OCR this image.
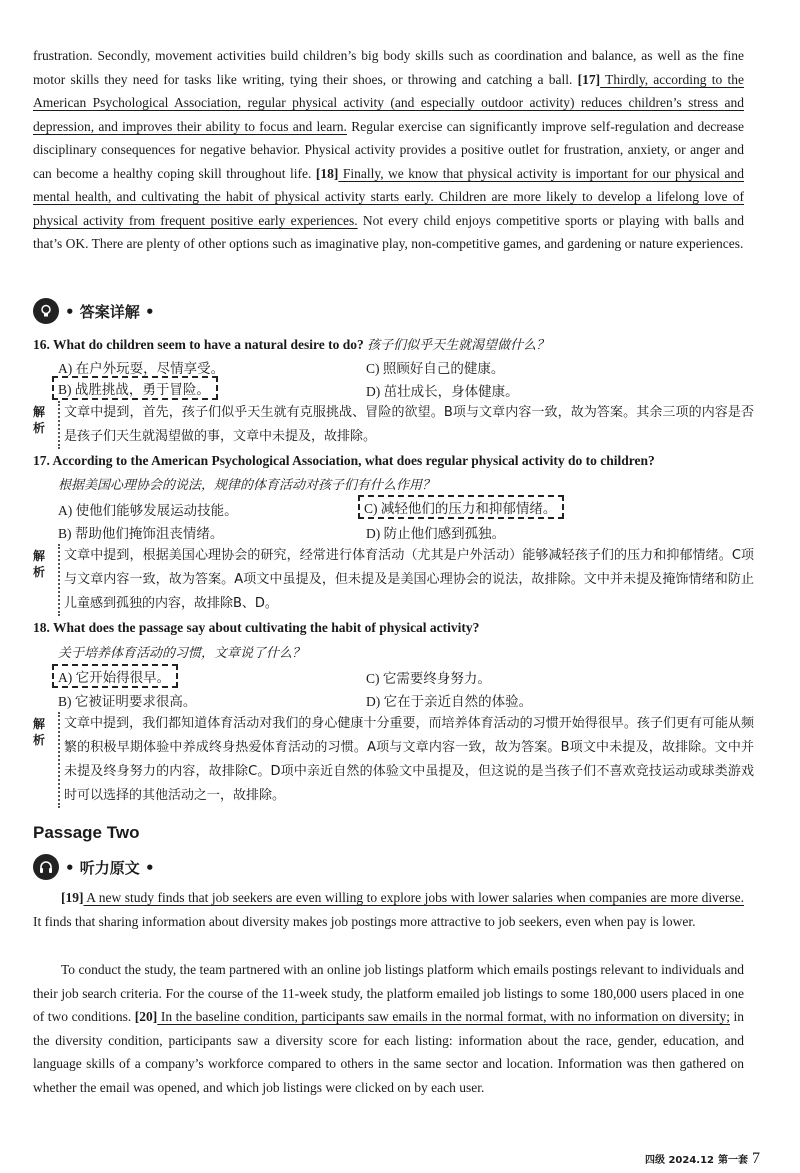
frustration. Secondly, movement activities build children’s big body skills such as coordination and balance, as well as the fine motor skills they need for tasks like writing, tying their shoes, or throwing and catching a ball. [17] Thirdly, according to the American Psychological Association, regular physical activity (and especially outdoor activity) reduces children’s stress and depression, and improves their ability to focus and learn. Regular exercise can significantly improve self-regulation and decrease disciplinary consequences for negative behavior. Physical activity provides a positive outlet for frustration, anxiety, or anger and can become a healthy coping skill throughout life. [18] Finally, we know that physical activity is important for our physical and mental health, and cultivating the habit of physical activity starts early. Children are more likely to develop a lifelong love of physical activity from frequent positive early experiences. Not every child enjoys competitive sports or playing with balls and that’s OK. There are plenty of other options such as imaginative play, non-competitive games, and gardening or nature experiences.
• 答案详解 •
16. What do children seem to have a natural desire to do? 孩子们似乎天生就渴望做什么？
A) 在户外玩耍，尽情享受。	C) 照顾好自己的健康。
B) 战胜挑战，勇于冒险。	D) 茁壮成长，身体健康。
解析
文章中提到，首先，孩子们似乎天生就有克服挑战、冒险的欲望。B项与文章内容一致，故为答案。其余三项的内容是否是孩子们天生就渴望做的事，文章中未提及，故排除。
17. According to the American Psychological Association, what does regular physical activity do to children?
根据美国心理协会的说法，规律的体育活动对孩子们有什么作用？
A) 使他们能够发展运动技能。	C) 减轻他们的压力和抑郁情绪。
B) 帮助他们掩饰沮丧情绪。	D) 防止他们感到孤独。
解析
文章中提到，根据美国心理协会的研究，经常进行体育活动（尤其是户外活动）能够减轻孩子们的压力和抑郁情绪。C项与文章内容一致，故为答案。A项文中虽提及，但未提及是美国心理协会的说法，故排除。文中并未提及掩饰情绪和防止儿童感到孤独的内容，故排除B、D。
18. What does the passage say about cultivating the habit of physical activity?
关于培养体育活动的习惯，文章说了什么？
A) 它开始得很早。	C) 它需要终身努力。
B) 它被证明要求很高。	D) 它在于亲近自然的体验。
解析
文章中提到，我们都知道体育活动对我们的身心健康十分重要，而培养体育活动的习惯开始得很早。孩子们更有可能从频繁的积极早期体验中养成终身热爱体育活动的习惯。A项与文章内容一致，故为答案。B项文中未提及，故排除。文中并未提及终身努力的内容，故排除C。D项中亲近自然的体验文中虽提及，但这说的是当孩子们不喜欢竞技运动或球类游戏时可以选择的其他活动之一，故排除。
Passage Two
• 听力原文 •
[19] A new study finds that job seekers are even willing to explore jobs with lower salaries when companies are more diverse. It finds that sharing information about diversity makes job postings more attractive to job seekers, even when pay is lower.
To conduct the study, the team partnered with an online job listings platform which emails postings relevant to individuals and their job search criteria. For the course of the 11-week study, the platform emailed job listings to some 180,000 users placed in one of two conditions. [20] In the baseline condition, participants saw emails in the normal format, with no information on diversity; in the diversity condition, participants saw a diversity score for each listing: information about the race, gender, education, and language skills of a company’s workforce compared to others in the same sector and location. Information was then gathered on whether the email was opened, and which job listings were clicked on by each user.
四级 2024.12 第一套 7
